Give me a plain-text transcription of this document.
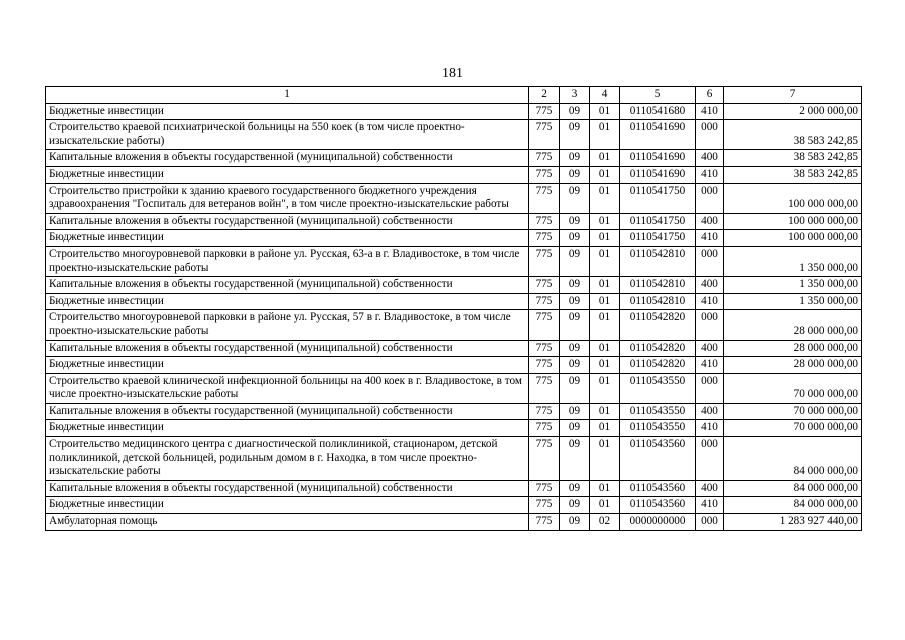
181
1	2	3	4	5	6	7
Бюджетные инвестиции	775	09	01	0110541680	410	2 000 000,00
Строительство краевой психиатрической больницы на 550 коек (в том числе проектно-изыскательские работы)	775	09	01	0110541690	000	38 583 242,85
Капитальные вложения в объекты государственной (муниципальной) собственности	775	09	01	0110541690	400	38 583 242,85
Бюджетные инвестиции	775	09	01	0110541690	410	38 583 242,85
Строительство пристройки к зданию краевого государственного бюджетного учреждения здравоохранения "Госпиталь для ветеранов войн", в том числе проектно-изыскательские работы	775	09	01	0110541750	000	100 000 000,00
Капитальные вложения в объекты государственной (муниципальной) собственности	775	09	01	0110541750	400	100 000 000,00
Бюджетные инвестиции	775	09	01	0110541750	410	100 000 000,00
Строительство многоуровневой парковки в районе ул. Русская, 63-а в г. Владивостоке, в том числе проектно-изыскательские работы	775	09	01	0110542810	000	1 350 000,00
Капитальные вложения в объекты государственной (муниципальной) собственности	775	09	01	0110542810	400	1 350 000,00
Бюджетные инвестиции	775	09	01	0110542810	410	1 350 000,00
Строительство многоуровневой парковки в районе ул. Русская, 57 в г. Владивостоке, в том числе проектно-изыскательские работы	775	09	01	0110542820	000	28 000 000,00
Капитальные вложения в объекты государственной (муниципальной) собственности	775	09	01	0110542820	400	28 000 000,00
Бюджетные инвестиции	775	09	01	0110542820	410	28 000 000,00
Строительство краевой клинической инфекционной больницы на 400 коек в г. Владивостоке, в том числе проектно-изыскательские работы	775	09	01	0110543550	000	70 000 000,00
Капитальные вложения в объекты государственной (муниципальной) собственности	775	09	01	0110543550	400	70 000 000,00
Бюджетные инвестиции	775	09	01	0110543550	410	70 000 000,00
Строительство медицинского центра с диагностической поликлиникой, стационаром, детской поликлиникой, детской больницей, родильным домом в г. Находка, в том числе проектно-изыскательские работы	775	09	01	0110543560	000	84 000 000,00
Капитальные вложения в объекты государственной (муниципальной) собственности	775	09	01	0110543560	400	84 000 000,00
Бюджетные инвестиции	775	09	01	0110543560	410	84 000 000,00
Амбулаторная помощь	775	09	02	0000000000	000	1 283 927 440,00
